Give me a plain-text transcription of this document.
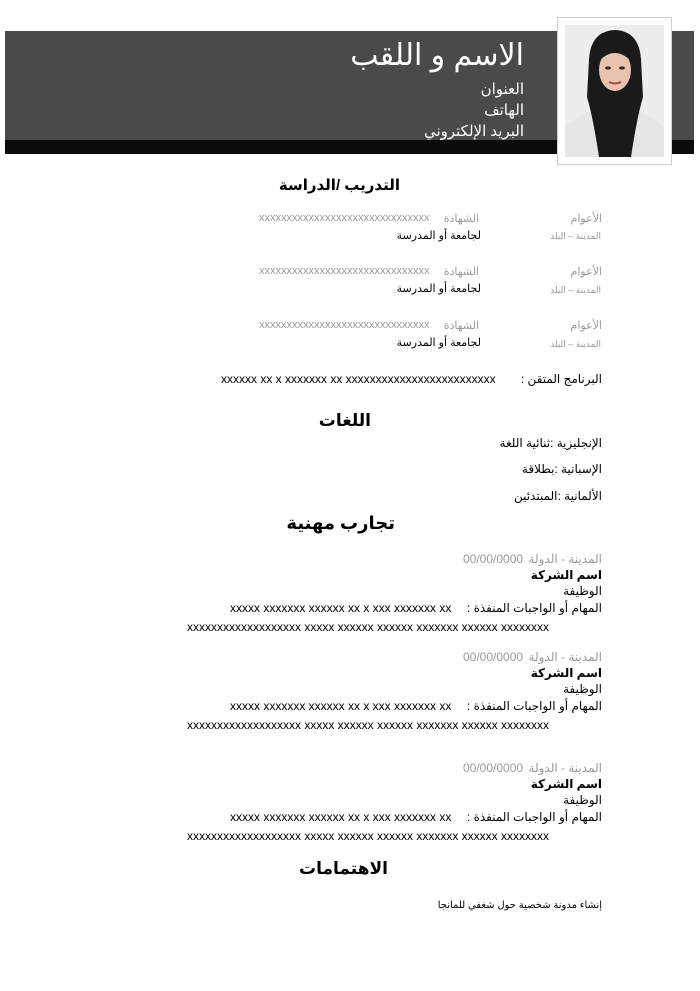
الاسم و اللقب
العنوان
الهاتف
البريد الإلكتروني
التدريب /الدراسة
الأعوام
المدينة – البلد
الشهادة
xxxxxxxxxxxxxxxxxxxxxxxxxxxxxxx
لجامعة أو المدرسة
الأعوام
المدينة – البلد
الشهادة
xxxxxxxxxxxxxxxxxxxxxxxxxxxxxxx
لجامعة أو المدرسة
الأعوام
المدينة – البلد
الشهادة
xxxxxxxxxxxxxxxxxxxxxxxxxxxxxxx
لجامعة أو المدرسة
البرنامج المتقن :
xxxxxx xx x xxxxxxx xx xxxxxxxxxxxxxxxxxxxxxxxxx
اللغات
الإنجليزية :ثنائية اللغة
الإسبانية :بطلاقة
الألمانية :المبتدئين
تجارب مهنية
المدينة - الدولة
00/00/0000
اسم الشركة
الوظيفة
المهام أو الواجبات المنفذة :
xxxxx xxxxxxx xxxxxx xx x xxx xxxxxxx xx
xxxxxxxxxxxxxxxxxxx xxxxx xxxxxx xxxxxx xxxxxxx xxxxxx xxxxxxxx
المدينة - الدولة
00/00/0000
اسم الشركة
الوظيفة
المهام أو الواجبات المنفذة :
xxxxx xxxxxxx xxxxxx xx x xxx xxxxxxx xx
xxxxxxxxxxxxxxxxxxx xxxxx xxxxxx xxxxxx xxxxxxx xxxxxx xxxxxxxx
المدينة - الدولة
00/00/0000
اسم الشركة
الوظيفة
المهام أو الواجبات المنفذة :
xxxxx xxxxxxx xxxxxx xx x xxx xxxxxxx xx
xxxxxxxxxxxxxxxxxxx xxxxx xxxxxx xxxxxx xxxxxxx xxxxxx xxxxxxxx
الاهتمامات
إنشاء مدونة شخصية حول شغفي للمانجا
